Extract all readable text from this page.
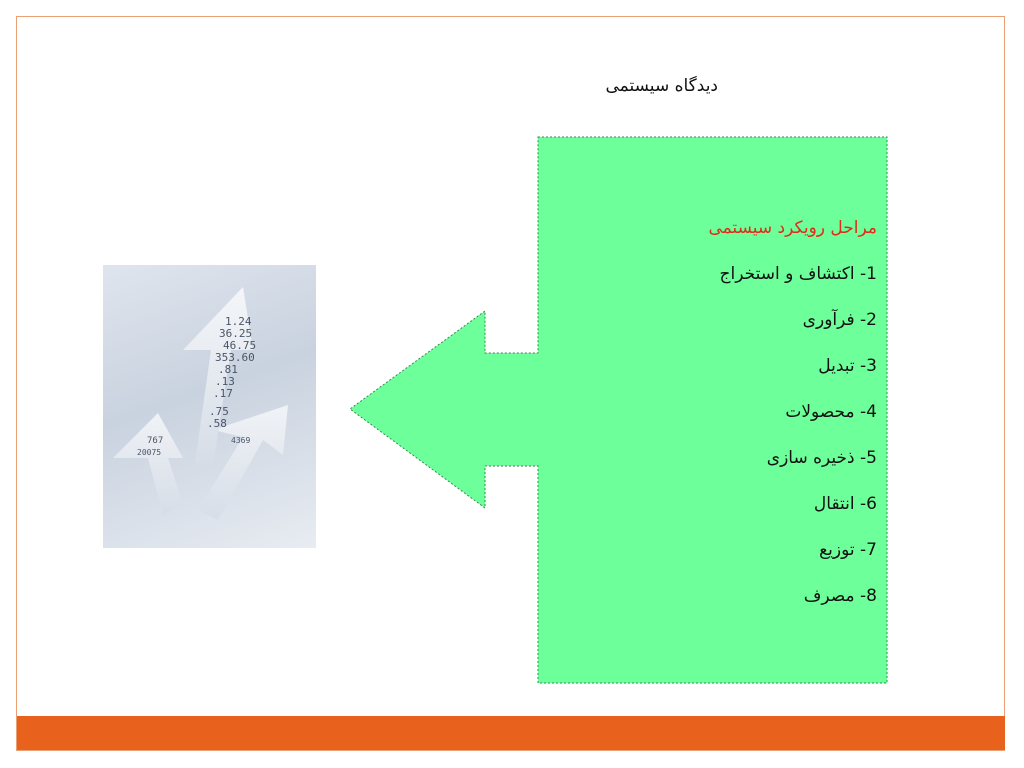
دیدگاه سیستمی
مراحل رویکرد سیستمی
1- اکتشاف و استخراج
2- فرآوری
3- تبدیل
4- محصولات
5- ذخیره سازی
6- انتقال
7- توزیع
8- مصرف
1.24
36.25
46.75
353.60
.81
.13
.17
.75
.58
767
20075
4369
